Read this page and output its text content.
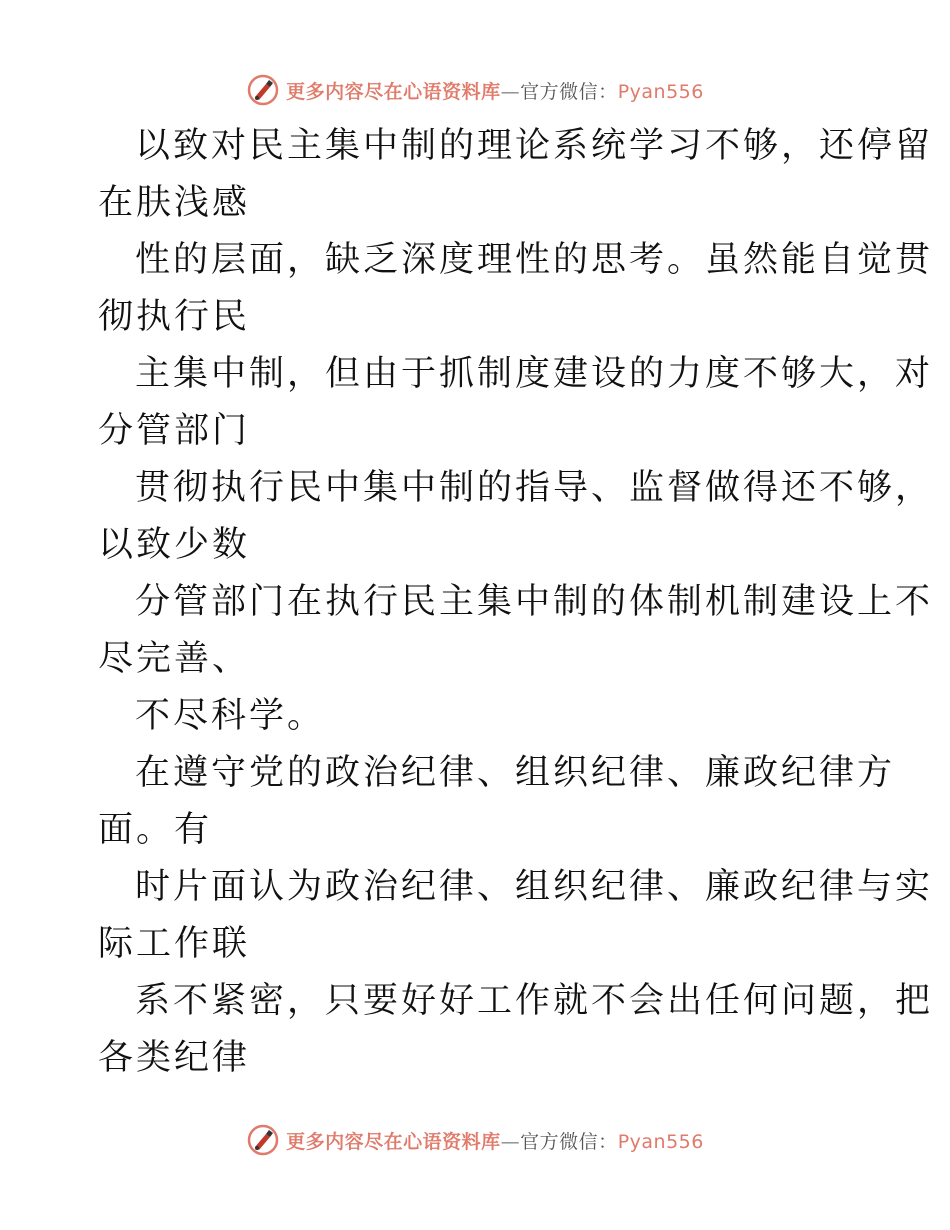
更多内容尽在心语资料库—官方微信：Pyan556

以致对民主集中制的理论系统学习不够，还停留
在肤浅感

性的层面，缺乏深度理性的思考。虽然能自觉贯
彻执行民

主集中制，但由于抓制度建设的力度不够大，对
分管部门

贯彻执行民中集中制的指导、监督做得还不够，
以致少数

分管部门在执行民主集中制的体制机制建设上不
尽完善、

不尽科学。

在遵守党的政治纪律、组织纪律、廉政纪律方
面。有

时片面认为政治纪律、组织纪律、廉政纪律与实
际工作联

系不紧密，只要好好工作就不会出任何问题，把
各类纪律

更多内容尽在心语资料库—官方微信：Pyan556
